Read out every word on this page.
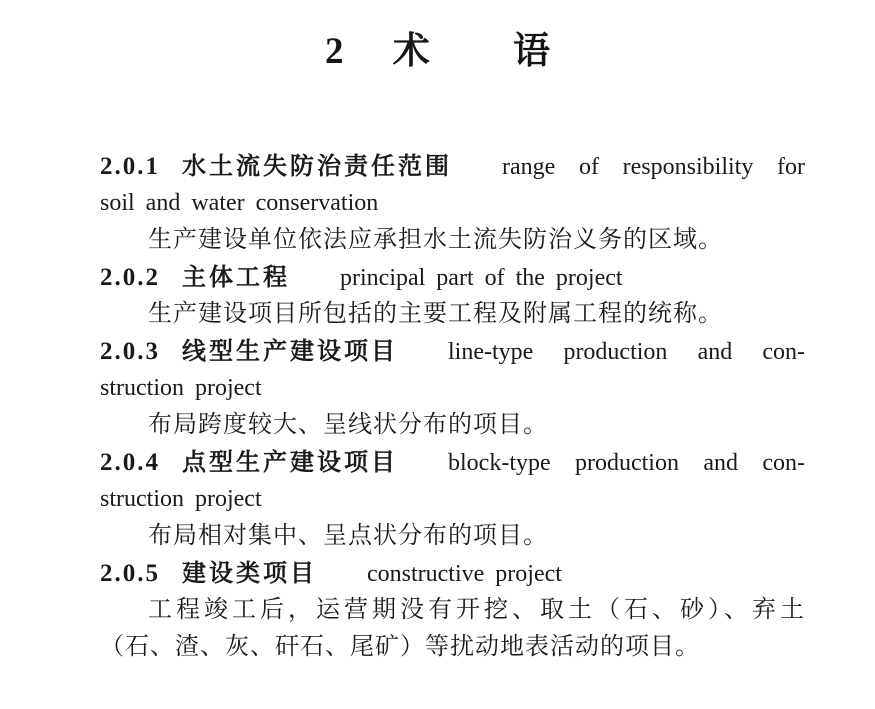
2 术 语
2.0.1 水土流失防治责任范围 range of responsibility for
soil and water conservation
生产建设单位依法应承担水土流失防治义务的区域。
2.0.2 主体工程 principal part of the project
生产建设项目所包括的主要工程及附属工程的统称。
2.0.3 线型生产建设项目 line-type production and con-
struction project
布局跨度较大、呈线状分布的项目。
2.0.4 点型生产建设项目 block-type production and con-
struction project
布局相对集中、呈点状分布的项目。
2.0.5 建设类项目 constructive project

工程竣工后，运营期没有开挖、取土（石、砂）、弃土（石、渣、灰、矸石、尾矿）等扰动地表活动的项目。
